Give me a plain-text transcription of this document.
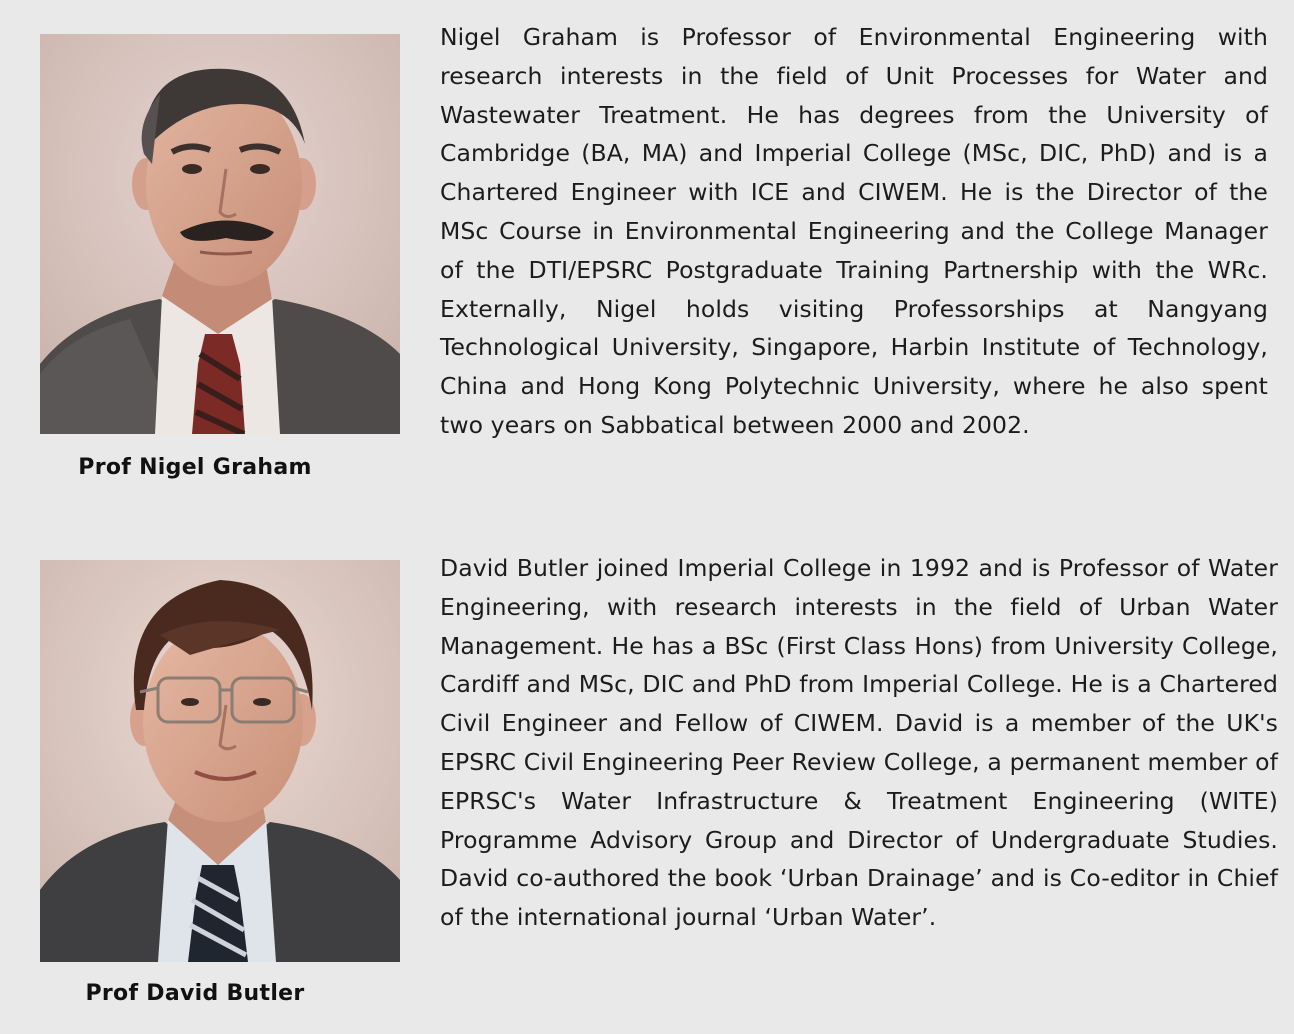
Prof Nigel Graham

Nigel Graham is Professor of Environmental Engineering with research interests in the field of Unit Processes for Water and Wastewater Treatment. He has degrees from the University of Cambridge (BA, MA) and Imperial College (MSc, DIC, PhD) and is a Chartered Engineer with ICE and CIWEM. He is the Director of the MSc Course in Environmental Engineering and the College Manager of the DTI/EPSRC Postgraduate Training Partnership with the WRc. Externally, Nigel holds visiting Professorships at Nangyang Technological University, Singapore, Harbin Institute of Technology, China and Hong Kong Polytechnic University, where he also spent two years on Sabbatical between 2000 and 2002.

Prof David Butler

David Butler joined Imperial College in 1992 and is Professor of Water Engineering, with research interests in the field of Urban Water Management. He has a BSc (First Class Hons) from University College, Cardiff and MSc, DIC and PhD from Imperial College. He is a Chartered Civil Engineer and Fellow of CIWEM. David is a member of the UK's EPSRC Civil Engineering Peer Review College, a permanent member of EPRSC's Water Infrastructure & Treatment Engineering (WITE) Programme Advisory Group and Director of Undergraduate Studies. David co-authored the book ‘Urban Drainage’ and is Co-editor in Chief of the international journal ‘Urban Water’.
